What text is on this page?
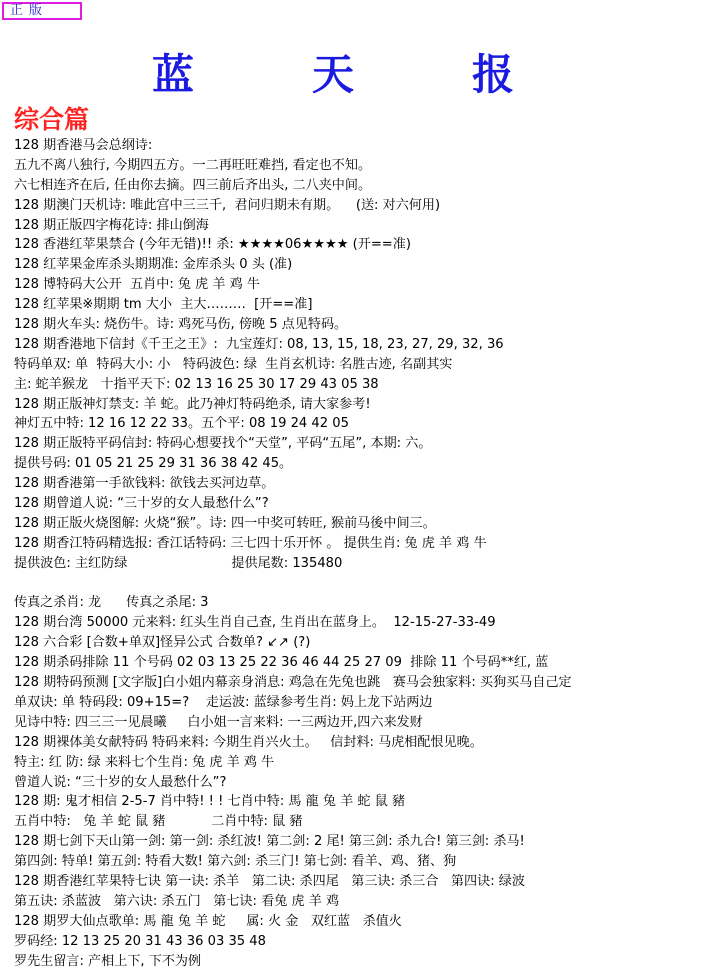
正版
蓝	天	报
综合篇
128 期香港马会总纲诗:
五九不离八独行, 今期四五方。一二再旺旺难挡, 看定也不知。
六七相连齐在后, 任由你去摘。四三前后齐出头, 二八夹中间。
128 期澳门天机诗: 唯此宫中三三千,  君问归期未有期。    (送: 对六何用)
128 期正版四字梅花诗: 排山倒海
128 香港红苹果禁合 (今年无错)!! 杀: ★★★★06★★★★ (开==准)
128 红苹果金库杀头期期准: 金库杀头 0 头 (准)
128 博特码大公开  五肖中: 兔 虎 羊 鸡 牛
128 红苹果※期期 tm 大小  主大………  [开==准]
128 期火车头: 烧伤牛。诗: 鸡死马伤, 傍晚 5 点见特码。
128 期香港地下信封《千王之王》:  九宝莲灯: 08, 13, 15, 18, 23, 27, 29, 32, 36
特码单双: 单  特码大小: 小   特码波色: 绿  生肖玄机诗: 名胜古迹, 名副其实
主: 蛇羊猴龙   十指平天下: 02 13 16 25 30 17 29 43 05 38
128 期正版神灯禁支: 羊 蛇。此乃神灯特码绝杀, 请大家参考!
神灯五中特: 12 16 12 22 33。五个平: 08 19 24 42 05
128 期正版特平码信封: 特码心想要找个“天堂”, 平码“五尾”, 本期: 六。
提供号码: 01 05 21 25 29 31 36 38 42 45。
128 期香港第一手欲钱料: 欲钱去买河边草。
128 期曾道人说: “三十岁的女人最愁什么”?
128 期正版火烧图解: 火烧“猴”。诗: 四一中奖可转旺, 猴前马後中间三。
128 期香江特码精选报: 香江话特码: 三七四十乐开怀 。 提供生肖: 兔 虎 羊 鸡 牛
提供波色: 主红防绿                         提供尾数: 135480
传真之杀肖: 龙      传真之杀尾: 3
128 期台湾 50000 元来料: 红头生肖自己查, 生肖出在蓝身上。  12-15-27-33-49
128 六合彩 [合数+单双]怪异公式 合数单? ↙↗ (?)
128 期杀码排除 11 个号码 02 03 13 25 22 36 46 44 25 27 09  排除 11 个号码**红, 蓝
128 期特码预测 [文字版]白小姐内幕亲身消息: 鸡急在先兔也跳   赛马会独家料: 买狗买马自己定
单双诀: 单 特码段: 09+15=?    走运波: 蓝绿参考生肖: 妈上龙下站两边
见诗中特: 四三三一见晨曦     白小姐一言来料: 一三两边开,四六来发财
128 期裸体美女献特码 特码来料: 今期生肖兴火土。   信封料: 马虎相配恨见晚。
特主: 红 防: 绿 来料七个生肖: 兔 虎 羊 鸡 牛
曾道人说: “三十岁的女人最愁什么”?
128 期: 鬼才相信 2-5-7 肖中特! ! ! 七肖中特: 馬 龍 兔 羊 蛇 鼠 豬
五肖中特:   兔 羊 蛇 鼠 豬           二肖中特: 鼠 豬
128 期七剑下天山第一剑: 第一剑: 杀红波! 第二剑: 2 尾! 第三剑: 杀九合! 第三剑: 杀马!
第四剑: 特单! 第五剑: 特看大数! 第六剑: 杀三门! 第七剑: 看羊、鸡、猪、狗
128 期香港红苹果特七诀 第一诀: 杀羊   第二诀: 杀四尾   第三诀: 杀三合   第四诀: 绿波
第五诀: 杀蓝波   第六诀: 杀五门   第七诀: 看兔 虎 羊 鸡
128 期罗大仙点歌单: 馬 龍 兔 羊 蛇     属: 火 金   双红蓝   杀值火
罗码经: 12 13 25 20 31 43 36 03 35 48
罗先生留言: 产相上下, 下不为例
